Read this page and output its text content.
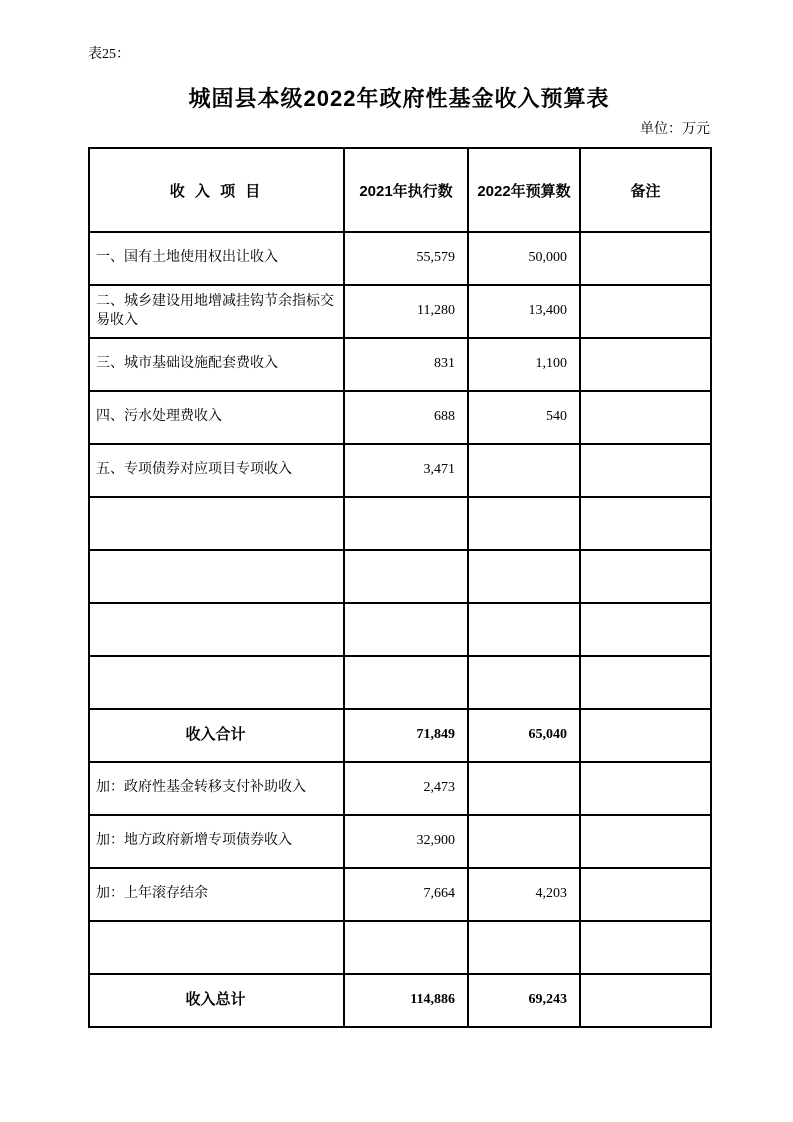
表25：
城固县本级2022年政府性基金收入预算表
单位：万元
收 入 项 目	2021年执行数	2022年预算数	备注
一、国有土地使用权出让收入	55,579	50,000	
二、城乡建设用地增减挂钩节余指标交易收入	11,280	13,400	
三、城市基础设施配套费收入	831	1,100	
四、污水处理费收入	688	540	
五、专项债券对应项目专项收入	3,471		

收入合计	71,849	65,040	
加：政府性基金转移支付补助收入	2,473		
加：地方政府新增专项债券收入	32,900		
加：上年滚存结余	7,664	4,203	

收入总计	114,886	69,243	
